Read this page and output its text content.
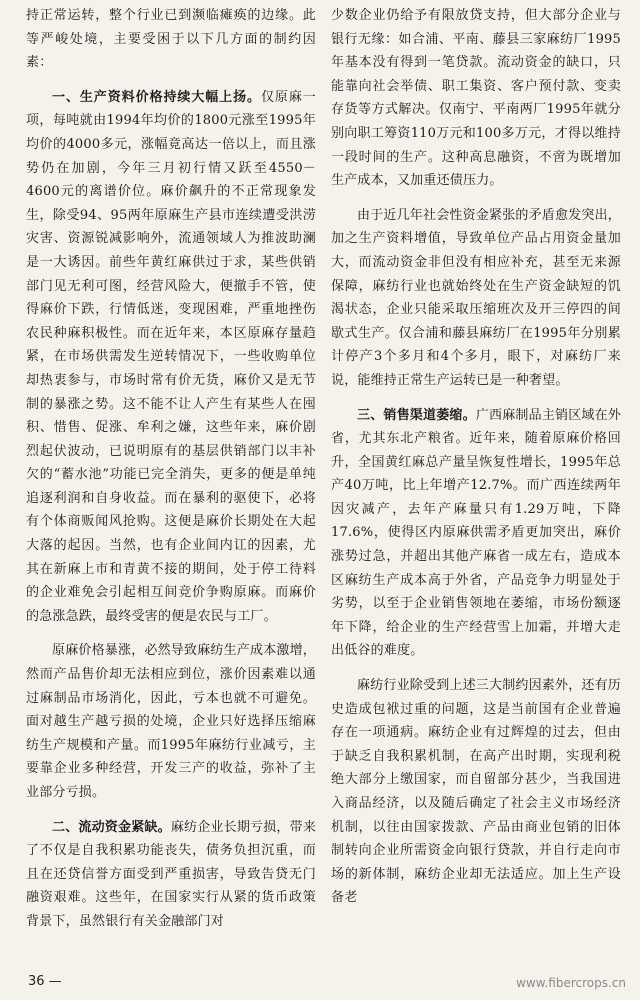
持正常运转，整个行业已到濒临瘫痪的边缘。此等严峻处境，主要受困于以下几方面的制约因素：

一、生产资料价格持续大幅上扬。仅原麻一项，每吨就由1994年均价的1800元涨至1995年均价的4000多元，涨幅竟高达一倍以上，而且涨势仍在加剧，今年三月初行情又跃至4550－4600元的离谱价位。麻价飙升的不正常现象发生，除受94、95两年原麻生产县市连续遭受洪涝灾害、资源锐减影响外，流通领域人为推波助澜是一大诱因。前些年黄红麻供过于求，某些供销部门见无利可图，经营风险大，便撤手不管，使得麻价下跌，行情低迷，变现困难，严重地挫伤农民种麻积极性。而在近年来，本区原麻存量趋紧，在市场供需发生逆转情况下，一些收购单位却热衷参与，市场时常有价无货，麻价又是无节制的暴涨之势。这不能不让人产生有某些人在囤积、惜售、促涨、牟利之嫌，这些年来，麻价剧烈起伏波动，已说明原有的基层供销部门以丰补欠的“蓄水池”功能已完全消失，更多的便是单纯追逐利润和自身收益。而在暴利的驱使下，必将有个体商贩闻风抢购。这便是麻价长期处在大起大落的起因。当然，也有企业间内讧的因素，尤其在新麻上市和青黄不接的期间，处于停工待料的企业难免会引起相互间竞价争购原麻。而麻价的急涨急跌，最终受害的便是农民与工厂。

原麻价格暴涨，必然导致麻纺生产成本激增，然而产品售价却无法相应到位，涨价因素难以通过麻制品市场消化，因此，亏本也就不可避免。面对越生产越亏损的处境，企业只好选择压缩麻纺生产规模和产量。而1995年麻纺行业减亏，主要靠企业多种经营，开发三产的收益，弥补了主业部分亏损。

二、流动资金紧缺。麻纺企业长期亏损，带来了不仅是自我积累功能丧失，债务负担沉重，而且在还贷信誉方面受到严重损害，导致告贷无门融资艰难。这些年，在国家实行从紧的货币政策背景下，虽然银行有关金融部门对

少数企业仍给予有限放贷支持，但大部分企业与银行无缘：如合浦、平南、藤县三家麻纺厂1995年基本没有得到一笔贷款。流动资金的缺口，只能靠向社会举债、职工集资、客户预付款、变卖存货等方式解决。仅南宁、平南两厂1995年就分别向职工筹资110万元和100多万元，才得以维持一段时间的生产。这种高息融资，不啻为既增加生产成本，又加重还债压力。

由于近几年社会性资金紧张的矛盾愈发突出，加之生产资料增值，导致单位产品占用资金量加大，而流动资金非但没有相应补充，甚至无来源保障，麻纺行业也就始终处在生产资金缺短的饥渴状态，企业只能采取压缩班次及开三停四的间歇式生产。仅合浦和藤县麻纺厂在1995年分别累计停产3个多月和4个多月，眼下，对麻纺厂来说，能维持正常生产运转已是一种奢望。

三、销售渠道萎缩。广西麻制品主销区域在外省，尤其东北产粮省。近年来，随着原麻价格回升，全国黄红麻总产量呈恢复性增长，1995年总产40万吨，比上年增产12.7%。而广西连续两年因灾减产，去年产麻量只有1.29万吨，下降17.6%，使得区内原麻供需矛盾更加突出，麻价涨势过急，并超出其他产麻省一成左右，造成本区麻纺生产成本高于外省，产品竞争力明显处于劣势，以至于企业销售领地在萎缩，市场份额逐年下降，给企业的生产经营雪上加霜，并增大走出低谷的难度。

麻纺行业除受到上述三大制约因素外，还有历史造成包袱过重的问题，这是当前国有企业普遍存在一项通病。麻纺企业有过辉煌的过去，但由于缺乏自我积累机制，在高产出时期，实现利税绝大部分上缴国家，而自留部分甚少，当我国进入商品经济，以及随后确定了社会主义市场经济机制，以往由国家拨款、产品由商业包销的旧体制转向企业所需资金向银行贷款，并自行走向市场的新体制，麻纺企业却无法适应。加上生产设备老

36 —	www.fibercrops.cn
